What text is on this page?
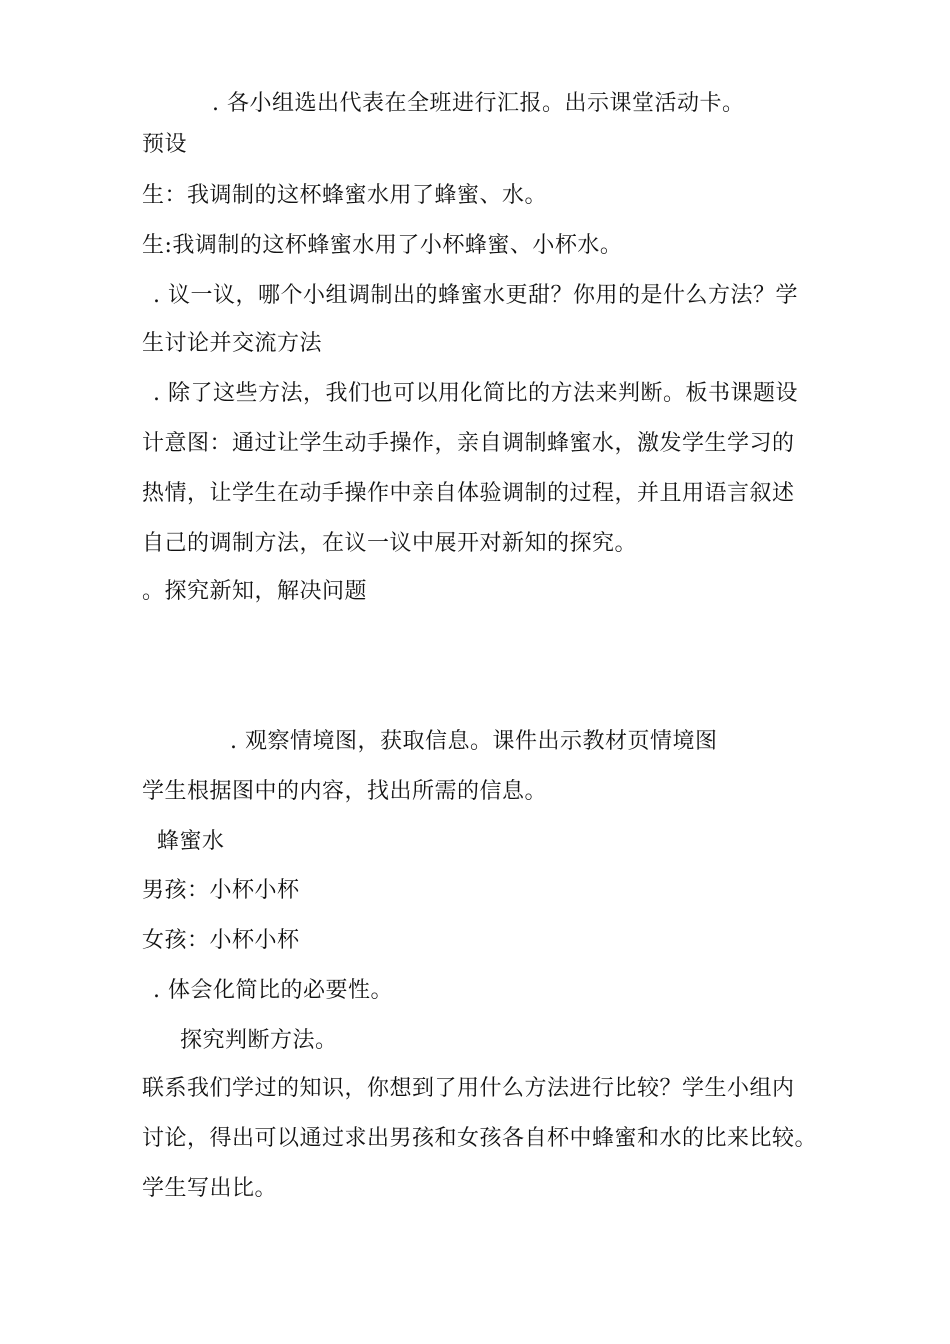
. 各小组选出代表在全班进行汇报。出示课堂活动卡。
预设
生：我调制的这杯蜂蜜水用了蜂蜜、水。
生:我调制的这杯蜂蜜水用了小杯蜂蜜、小杯水。
. 议一议，哪个小组调制出的蜂蜜水更甜？你用的是什么方法？学
生讨论并交流方法
. 除了这些方法，我们也可以用化简比的方法来判断。板书课题设
计意图：通过让学生动手操作，亲自调制蜂蜜水，激发学生学习的
热情，让学生在动手操作中亲自体验调制的过程，并且用语言叙述
自己的调制方法，在议一议中展开对新知的探究。
。探究新知，解决问题
. 观察情境图，获取信息。课件出示教材页情境图
学生根据图中的内容，找出所需的信息。
蜂蜜水
男孩：小杯小杯
女孩：小杯小杯
. 体会化简比的必要性。
探究判断方法。
联系我们学过的知识，你想到了用什么方法进行比较？学生小组内
讨论，得出可以通过求出男孩和女孩各自杯中蜂蜜和水的比来比较。
学生写出比。
